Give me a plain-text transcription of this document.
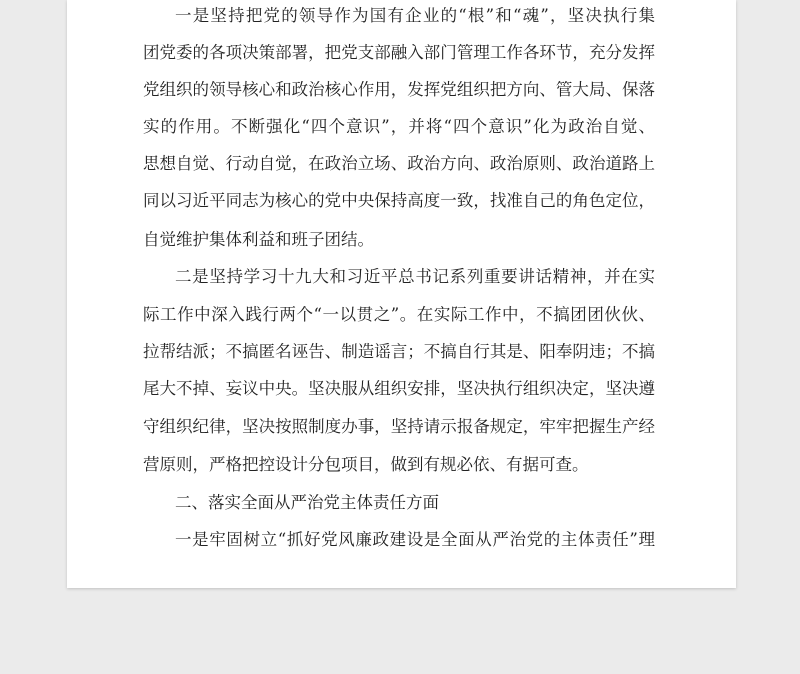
一是坚持把党的领导作为国有企业的“根”和“魂”，坚决执行集

团党委的各项决策部署，把党支部融入部门管理工作各环节，充分发挥

党组织的领导核心和政治核心作用，发挥党组织把方向、管大局、保落

实的作用。不断强化“四个意识”，并将“四个意识”化为政治自觉、

思想自觉、行动自觉，在政治立场、政治方向、政治原则、政治道路上

同以习近平同志为核心的党中央保持高度一致，找准自己的角色定位，

自觉维护集体利益和班子团结。

二是坚持学习十九大和习近平总书记系列重要讲话精神，并在实

际工作中深入践行两个“一以贯之”。在实际工作中，不搞团团伙伙、

拉帮结派；不搞匿名诬告、制造谣言；不搞自行其是、阳奉阴违；不搞

尾大不掉、妄议中央。坚决服从组织安排，坚决执行组织决定，坚决遵

守组织纪律，坚决按照制度办事，坚持请示报备规定，牢牢把握生产经

营原则，严格把控设计分包项目，做到有规必依、有据可查。

二、落实全面从严治党主体责任方面

一是牢固树立“抓好党风廉政建设是全面从严治党的主体责任”理
